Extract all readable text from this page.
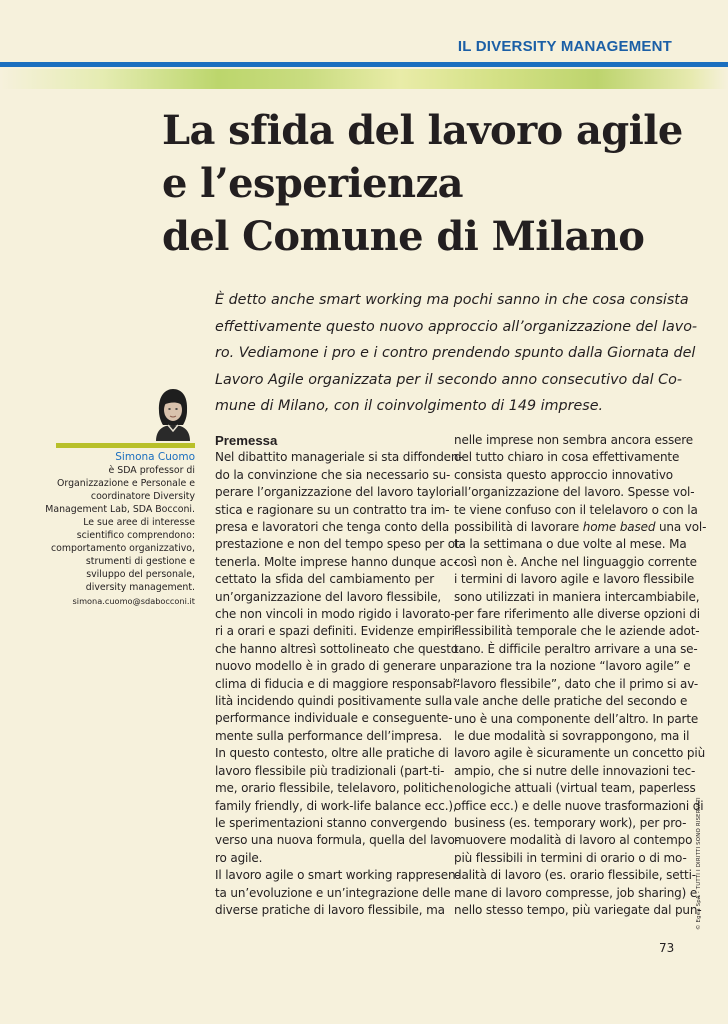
IL DIVERSITY MANAGEMENT
La sfida del lavoro agile
e l’esperienza
del Comune di Milano
È detto anche smart working ma pochi sanno in che cosa consista
effettivamente questo nuovo approccio all’organizzazione del lavo-
ro. Vediamone i pro e i contro prendendo spunto dalla Giornata del
Lavoro Agile organizzata per il secondo anno consecutivo dal Co-
mune di Milano, con il coinvolgimento di 149 imprese.
Simona Cuomo
è SDA professor di
Organizzazione e Personale e
coordinatore Diversity
Management Lab, SDA Bocconi.
Le sue aree di interesse
scientifico comprendono:
comportamento organizzativo,
strumenti di gestione e
sviluppo del personale,
diversity management.
simona.cuomo@sdabocconi.it
Premessa
Nel dibattito manageriale si sta diffonden-
do la convinzione che sia necessario su-
perare l’organizzazione del lavoro taylori-
stica e ragionare su un contratto tra im-
presa e lavoratori che tenga conto della
prestazione e non del tempo speso per ot-
tenerla. Molte imprese hanno dunque ac-
cettato la sfida del cambiamento per
un’organizzazione del lavoro flessibile,
che non vincoli in modo rigido i lavorato-
ri a orari e spazi definiti. Evidenze empiri-
che hanno altresì sottolineato che questo
nuovo modello è in grado di generare un
clima di fiducia e di maggiore responsabi-
lità incidendo quindi positivamente sulla
performance individuale e conseguente-
mente sulla performance dell’impresa.
In questo contesto, oltre alle pratiche di
lavoro flessibile più tradizionali (part-ti-
me, orario flessibile, telelavoro, politiche
family friendly, di work-life balance ecc.),
le sperimentazioni stanno convergendo
verso una nuova formula, quella del lavo-
ro agile.
Il lavoro agile o smart working rappresen-
ta un’evoluzione e un’integrazione delle
diverse pratiche di lavoro flessibile, ma
nelle imprese non sembra ancora essere
del tutto chiaro in cosa effettivamente
consista questo approccio innovativo
all’organizzazione del lavoro. Spesse vol-
te viene confuso con il telelavoro o con la
possibilità di lavorare home based una vol-
ta la settimana o due volte al mese. Ma
così non è. Anche nel linguaggio corrente
i termini di lavoro agile e lavoro flessibile
sono utilizzati in maniera intercambiabile,
per fare riferimento alle diverse opzioni di
flessibilità temporale che le aziende adot-
tano. È difficile peraltro arrivare a una se-
parazione tra la nozione “lavoro agile” e
“lavoro flessibile”, dato che il primo si av-
vale anche delle pratiche del secondo e
uno è una componente dell’altro. In parte
le due modalità si sovrappongono, ma il
lavoro agile è sicuramente un concetto più
ampio, che si nutre delle innovazioni tec-
nologiche attuali (virtual team, paperless
office ecc.) e delle nuove trasformazioni di
business (es. temporary work), per pro-
muovere modalità di lavoro al contempo
più flessibili in termini di orario o di mo-
dalità di lavoro (es. orario flessibile, setti-
mane di lavoro compresse, job sharing) e,
nello stesso tempo, più variegate dal pun-
73
© Egea SpA - TUTTI I DIRITTI SONO RISERVATI
